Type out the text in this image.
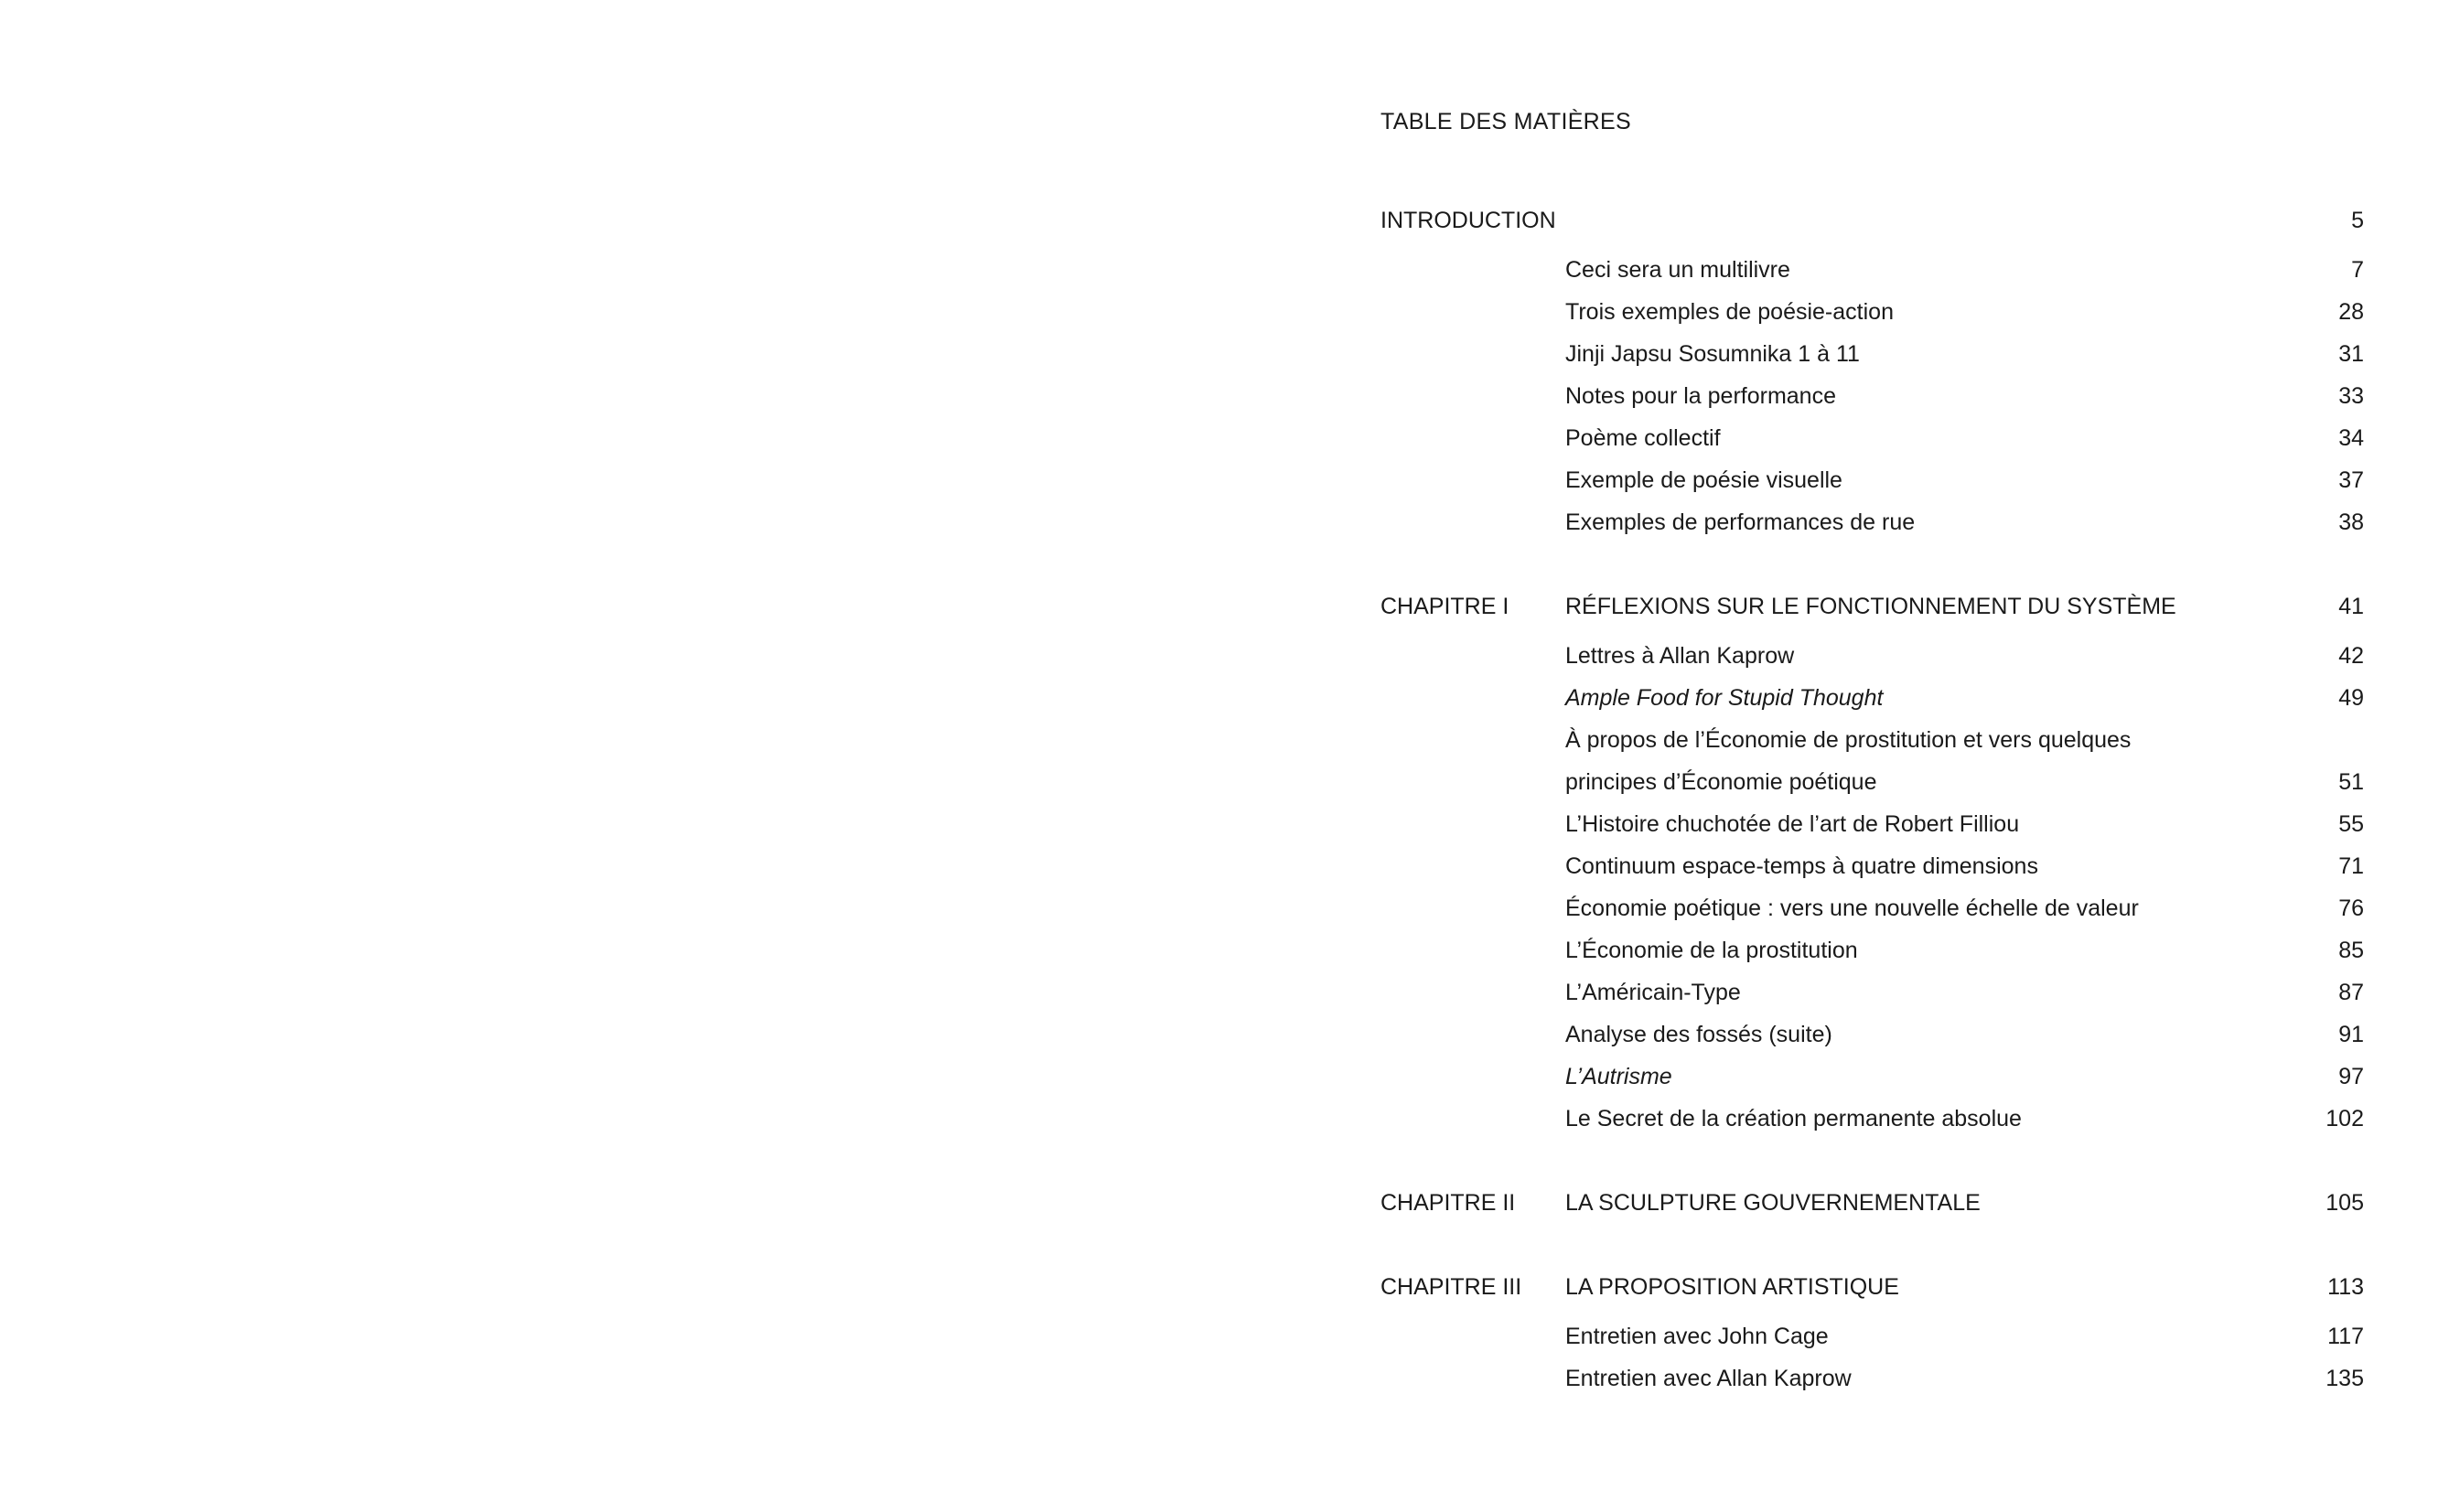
TABLE DES MATIÈRES
INTRODUCTION	5
Ceci sera un multilivre	7
Trois exemples de poésie-action	28
Jinji Japsu Sosumnika 1 à 11	31
Notes pour la performance	33
Poème collectif	34
Exemple de poésie visuelle	37
Exemples de performances de rue	38
CHAPITRE I	RÉFLEXIONS SUR LE FONCTIONNEMENT DU SYSTÈME	41
Lettres à Allan Kaprow	42
Ample Food for Stupid Thought	49
À propos de l’Économie de prostitution et vers quelques
principes d’Économie poétique	51
L’Histoire chuchotée de l’art de Robert Filliou	55
Continuum espace-temps à quatre dimensions	71
Économie poétique : vers une nouvelle échelle de valeur	76
L’Économie de la prostitution	85
L’Américain-Type	87
Analyse des fossés (suite)	91
L’Autrisme	97
Le Secret de la création permanente absolue	102
CHAPITRE II	LA SCULPTURE GOUVERNEMENTALE	105
CHAPITRE III	LA PROPOSITION ARTISTIQUE	113
Entretien avec John Cage	117
Entretien avec Allan Kaprow	135
